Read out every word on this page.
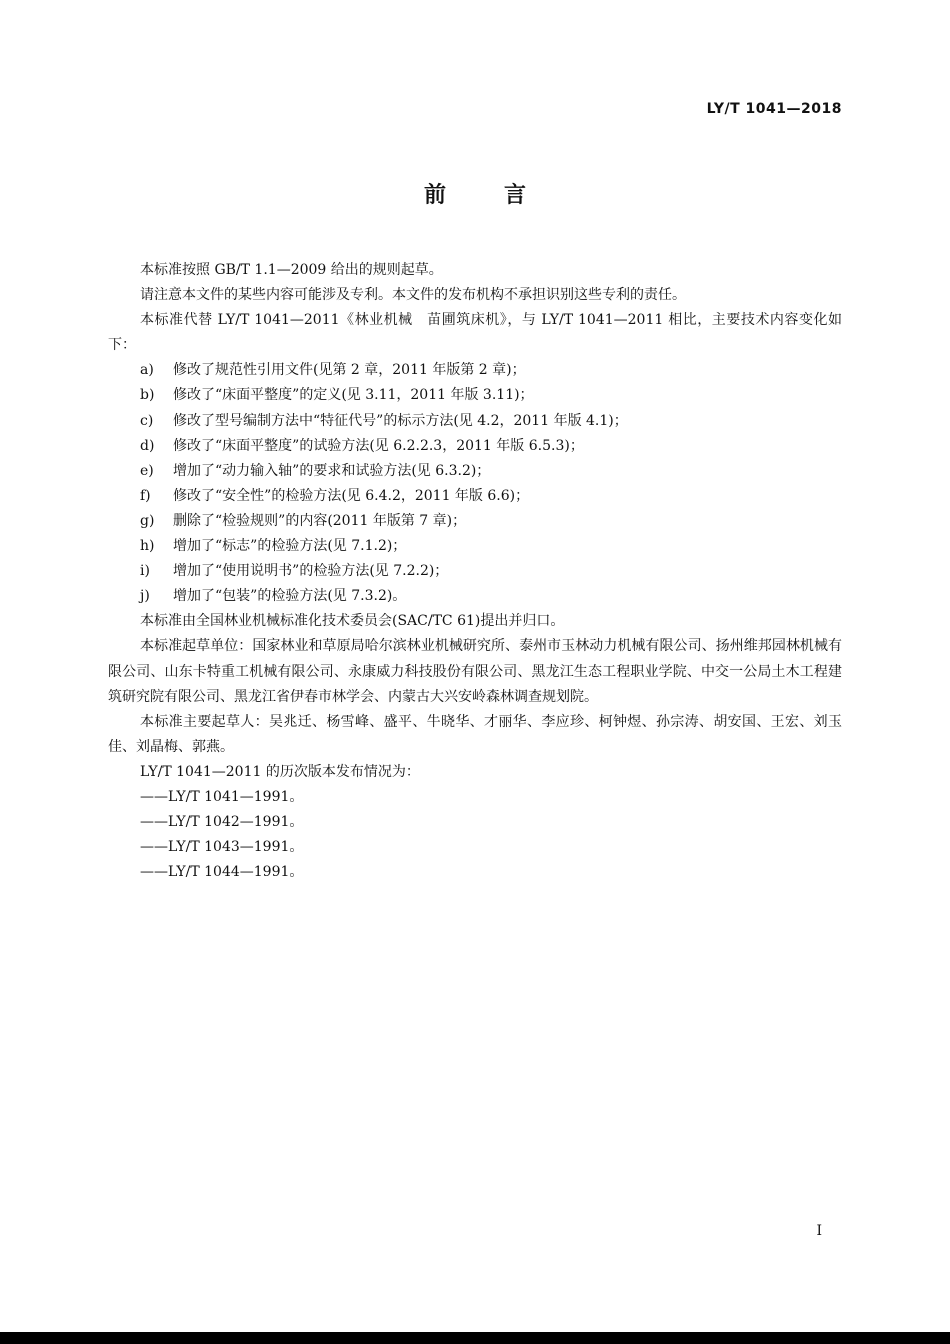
LY/T 1041—2018
前言

本标准按照 GB/T 1.1—2009 给出的规则起草。

请注意本文件的某些内容可能涉及专利。本文件的发布机构不承担识别这些专利的责任。

本标准代替 LY/T 1041—2011《林业机械　苗圃筑床机》，与 LY/T 1041—2011 相比，主要技术内容变化如下：

a)	修改了规范性引用文件(见第 2 章，2011 年版第 2 章)；
b)	修改了“床面平整度”的定义(见 3.11，2011 年版 3.11)；
c)	修改了型号编制方法中“特征代号”的标示方法(见 4.2，2011 年版 4.1)；
d)	修改了“床面平整度”的试验方法(见 6.2.2.3，2011 年版 6.5.3)；
e)	增加了“动力输入轴”的要求和试验方法(见 6.3.2)；
f)	修改了“安全性”的检验方法(见 6.4.2，2011 年版 6.6)；
g)	删除了“检验规则”的内容(2011 年版第 7 章)；
h)	增加了“标志”的检验方法(见 7.1.2)；
i)	增加了“使用说明书”的检验方法(见 7.2.2)；
j)	增加了“包装”的检验方法(见 7.3.2)。

本标准由全国林业机械标准化技术委员会(SAC/TC 61)提出并归口。

本标准起草单位：国家林业和草原局哈尔滨林业机械研究所、泰州市玉林动力机械有限公司、扬州维邦园林机械有限公司、山东卡特重工机械有限公司、永康威力科技股份有限公司、黑龙江生态工程职业学院、中交一公局土木工程建筑研究院有限公司、黑龙江省伊春市林学会、内蒙古大兴安岭森林调查规划院。

本标准主要起草人：吴兆迁、杨雪峰、盛平、牛晓华、才丽华、李应珍、柯钟煜、孙宗涛、胡安国、王宏、刘玉佳、刘晶梅、郭燕。

LY/T 1041—2011 的历次版本发布情况为：

——LY/T 1041—1991。

——LY/T 1042—1991。

——LY/T 1043—1991。

——LY/T 1044—1991。

I
